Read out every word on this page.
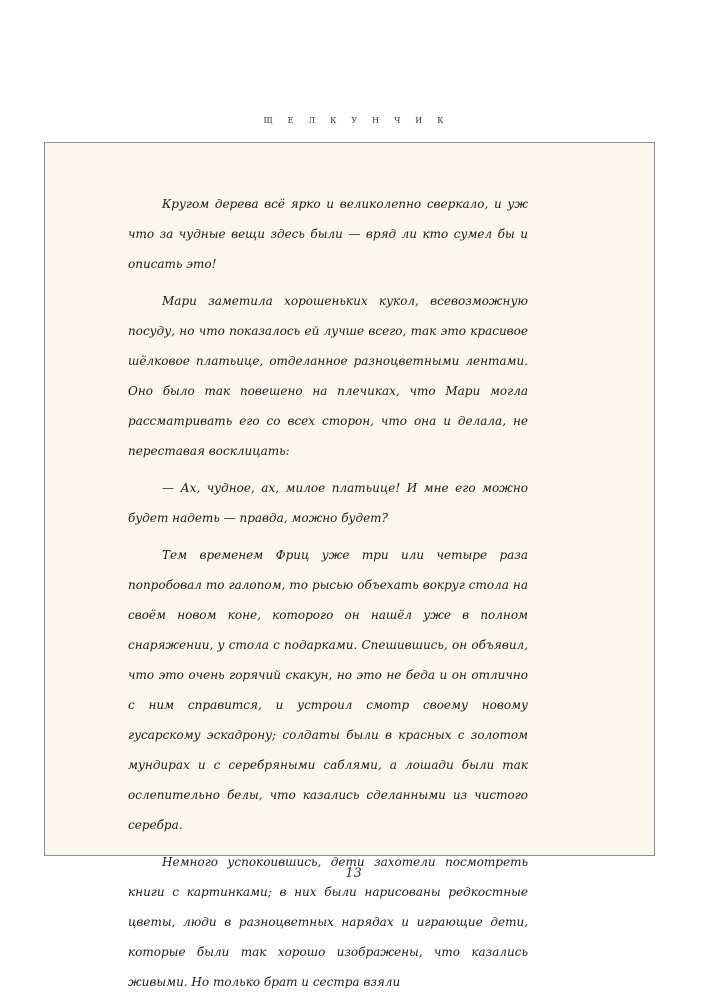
ЩЕЛКУНЧИК

Кругом дерева всё ярко и великолепно сверкало, и уж что за чудные вещи здесь были — вряд ли кто сумел бы и описать это!

Мари заметила хорошеньких кукол, всевозможную посуду, но что показалось ей лучше всего, так это красивое шёлковое платьице, отделанное разноцветными лентами. Оно было так повешено на плечиках, что Мари могла рассматривать его со всех сторон, что она и делала, не переставая восклицать:

— Ах, чудное, ах, милое платьице! И мне его можно будет надеть — правда, можно будет?

Тем временем Фриц уже три или четыре раза попробовал то галопом, то рысью объехать вокруг стола на своём новом коне, которого он нашёл уже в полном снаряжении, у стола с подарками. Спешившись, он объявил, что это очень горячий скакун, но это не беда и он отлично с ним справится, и устроил смотр своему новому гусарскому эскадрону; солдаты были в красных с золотом мундирах и с серебряными саблями, а лошади были так ослепительно белы, что казались сделанными из чистого серебра.

Немного успокоившись, дети захотели посмотреть книги с картинками; в них были нарисованы редкостные цветы, люди в разноцветных нарядах и играющие дети, которые были так хорошо изображены, что казались живыми. Но только брат и сестра взяли

13
